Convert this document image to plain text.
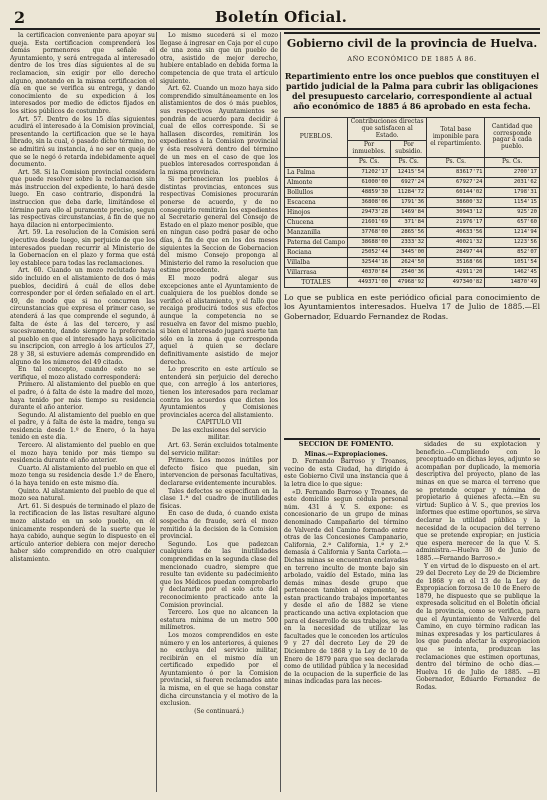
2	Boletín Oficial.

la certificacion conveniente para apoyar su queja. Esta certificacion comprenderá los demás pormenores que señale el Ayuntamiento, y será entregada al interesado dentro de los tres días siguientes al de su reclamacion, sin exigir por ello derecho alguno, anotando en la misma certificacion el día en que se verifica su entrega, y dando conocimiento de su expedicion á los interesados por medio de edictos fijados en los sitios públicos de costumbre.

Art. 57. Dentro de los 15 días siguientes acudirá el interesado á la Comision provincial, presentando la certificacion que se le haya librado, sin la cual, ó pasado dicho término, no se admitirá su instancia, á no ser en queja de que se le negó ó retarda indebidamente aquel documento.

Art. 58. Si la Comision provincial considera que puede resolver sobre la reclamacion sin más instruccion del expediente, lo hará desde luego. En caso contrario, dispondrá la instruccion que deba darle, limitándose el término para ello al puramente preciso, segun las respectivas circunstancias, á fin de que no haya dilacion ni entorpecimiento.

Art. 59. La resolucion de la Comision será ejecutiva desde luego, sin perjuicio de que los interesados puedan recurrir al Ministerio de la Gobernacion en el plazo y forma que está ley establece para todas las reclamaciones.

Art. 60. Cuando un mozo reclutado haya sido incluido en el alistamiento de dos ó más pueblos, decidirá á cuál de ellos debe corresponder por el órden señalado en el art. 49, de modo que si no concurren las circunstancias que expresa el primer caso, se atenderá á las que comprende el segundo, á falta de éste á las del tercero, y así sucesivamente, dando siempre la preferencia al pueblo en que el interesado haya solicitado su inscripcion, con arreglo á los artículos 27, 28 y 38, si estuviere además comprendido en alguno de los números del 49 citado.

En tal concepto, cuando esto no se verifique, el mozo alistado corresponderá:

Primero. Al alistamiento del pueblo en que el padre, ó á falta de éste la madre del mozo, haya tenido por más tiempo su residencia durante el año anterior.

Segundo. Al alistamiento del pueblo en que el padre, y á falta de éste la madre, tenga su residencia desde 1.º de Enero, ó la haya tenido en este día.

Tercero. Al alistamiento del pueblo en que el mozo haya tenido por más tiempo su residencia durante el año anterior.

Cuarto. Al alistamiento del pueblo en que el mozo tenga su residencia desde 1.º de Enero, ó la haya tenido en este mismo día.

Quinto. Al alistamiento del pueblo de que el mozo sea natural.

Art. 61. Si después de terminado el plazo de la rectificacion de las listas resultare alguno mozo alistado en un solo pueblo, en él únicamente responderá de la suerte que le haya cabido, aunque según lo dispuesto en el artículo anterior debiera con mejor derecho haber sido comprendido en otro cualquier alistamiento.

Lo mismo sucederá si el mozo llegase á ingresar en Caja por el cupo de una zona sin que un pueblo de otra, asistido de mejor derecho, hubiere entablado en debida forma la competencia de que trata el artículo siguiente.

Art. 62. Cuando un mozo haya sido comprendido simultáneamente en los alistamientos de dos ó más pueblos, sus respectivos Ayuntamientos se pondrán de acuerdo para decidir á cual de ellos corresponde. Si se hallasen discordes, remitirán los expedientes á la Comision provincial y ésta resolverá dentro del término de un mes en el caso de que los pueblos interesados correspondan á la misma provincia.

Si pertenecieran los pueblos á distintas provincias, entonces sus respectivas Comisiones procurarán ponerse de acuerdo, y de no conseguirlo remitirán los expedientes al Secretario general del Consejo de Estado en el plazo menor posible, que en ningun caso podrá pasar de ocho días, á fin de que en los dos meses siguientes la Seccion de Gobernacion del mismo Consejo proponga al Ministerio del ramo la resolucion que estime procedente.

El mozo podrá alegar sus excepciones ante el Ayuntamiento de cualquiera de los pueblos donde se verificó el alistamiento, y el fallo que recaiga producirá todos sus efectos aunque la competencia no se resuelva en favor del mismo pueblo, si bien el interesado jugará suerte tan sólo en la zona á que corresponda aquel á quien se declare definitivamente asistido de mejor derecho.

Lo prescrito en este artículo se entenderá sin perjuicio del derecho que, con arreglo á los anteriores, tienen los interesados para reclamar contra los acuerdos que dicten los Ayuntamientos y Comisiones provinciales acerca del alistamiento.

CAPITULO VII

De las exclusiones del servicio militar.

Art. 63. Serán excluidos totalmente del servicio militar:

Primero. Los mozos inútiles por defecto físico que puedan, sin intervencion de personas facultativas, declararse evidentemente incurables.

Tales defectos se especifican en la clase 1.ª del cuadro de inutilidades físicas.

En caso de duda, ó cuando exista sospecha de fraude, será el mozo remitido á la decision de la Comision provincial.

Segundo. Los que padezcan cualquiera de las inutilidades comprendidas en la segunda clase del mencionado cuadro, siempre que resulte tan evidente su padecimiento que los Médicos puedan comprobarlo y declararle por el solo acto del reconocimiento practicado ante la Comision provincial.

Tercero. Los que no alcancen la estatura mínima de un metro 500 milímetros.

Los mozos comprendidos en este número y en los anteriores, á quienes no excluya del servicio militar, recibirán en el mismo día un certificado expedido por el Ayuntamiento ó por la Comision provincial, si fueren reclamados ante la misma, en el que se haga constar dicha circunstancia y el motivo de la exclusion.

(Se continuará.)

Gobierno civil de la provincia de Huelva.
AÑO ECONÓMICO DE 1885 Á 86.
Repartimiento entre los once pueblos que constituyen el partido judicial de la Palma para cubrir las obligaciones del presupuesto carcelario, correspondiente al actual año económico de 1885 á 86 aprobado en esta fecha.
PUEBLOS.	Contribuciones directas que satisfacen al Estado.		Total base imponible para el repartimiento.	Cantidad que corresponde pagar á cada pueblo.
	Por inmuebles.	Por subsidio.		
	Ps. Cs.	Ps. Cs.	Ps. Cs.	Ps. Cs.
La Palma	71202'17	12415'54	83617'71	2700'17
Almonte	61000'00	6927'24	67927'24	2031'62
Bollullos	48859'30	11284'72	60144'02	1798'31
Escacena	36808'06	1791'36	38600'32	1154'15
Hinojos	29473'28	1469'84	30943'12	925'20
Chucena	21601'69	371'84	21976'17	657'60
Manzanilla	37768'00	2865'56	40633'56	1214'94
Paterna del Campo	38688'00	2333'32	40021'32	1223'56
Rociana	25052'44	3445'00	28497'44	852'07
Villalba	32544'16	2624'50	35168'66	1051'54
Villarrasa	40370'84	2540'36	42911'20	1462'45
TOTALES	449371'00	47968'92	497340'82	14870'49
Lo que se publica en este periódico oficial para conocimiento de los Ayuntamientos interesados. Huelva 17 de Julio de 1885.—El Gobernador, Eduardo Fernandez de Rodas.
SECCION DE FOMENTO.

Minas.—Expropiaciones.

D. Fernando Barroso y Troanes, vecino de esta Ciudad, ha dirigido á este Gobierno Civil una instancia que á la letra dice lo que sigue:

«D. Fernando Barroso y Troanes, de este domicilio segun cédula personal núm. 431 á V. S. expone: es concesionario de un grupo de minas denominado Campañario del término de Valverde del Camino formado entre otras de las Concesiones Campanario, California, 2.ª California, 1.ª y 2.ª demasía á California y Santa Carlota.—Dichas minas se encuentran enclavadas en terreno inculto de monte bajo sin arbolado, vaídío del Estado, mina las demás minas desde grupo que pertenecen tambien al exponente, se estan practicando trabajos importantes y desde el año de 1882 se viene practicando una activa explotacion que para el desarrollo de sus trabajos, se ve en la necesidad de utilizar las facultades que le conceden los artículos 9 y 27 del decreto Ley de 29 de Diciembre de 1868 y la Ley de 10 de Enero de 1879 para que sea declarada como de utilidad pública y la necesidad de la ocupacion de la superficie de las minas indicadas para las neces-

sidades de su explotacion y beneficio.—Cumpliendo con lo preceptuado en dichas leyes, adjunto se acompañan por duplicado, la memoria descriptiva del proyecto, plano de las minas en que se marca el terreno que se pretende ocupar y nómina de propietario á quienes afecta.—En su virtud: Suplico á V. S., que previos los informes que estime oportunos, se sirva declarar la utilidad pública y la necesidad de la ocupacion del terreno que se pretende expropiar; en justicia que espera merecer de la que V. S. administra.—Huelva 30 de Junio de 1885.—Fernando Barroso.»

Y en virtud de lo dispuesto en el art. 29 del Decreto Ley de 29 de Diciembre de 1868 y en el 13 de la Ley de Expropiacion forzosa de 10 de Enero de 1879, he dispuesto que se publique la expresada solicitud en el Boletín oficial de la provincia, como se verifica, para que el Ayuntamiento de Valverde del Camino, en cuyo término radican las minas expresadas y los particulares á los que pueda afectar la expropiacion que se intenta, produzcan las reclamaciones que estimen oportunas, dentro del término de ocho días.—Huelva 16 de Julio de 1885. —El Gobernador, Eduardo Fernandez de Rodas.
